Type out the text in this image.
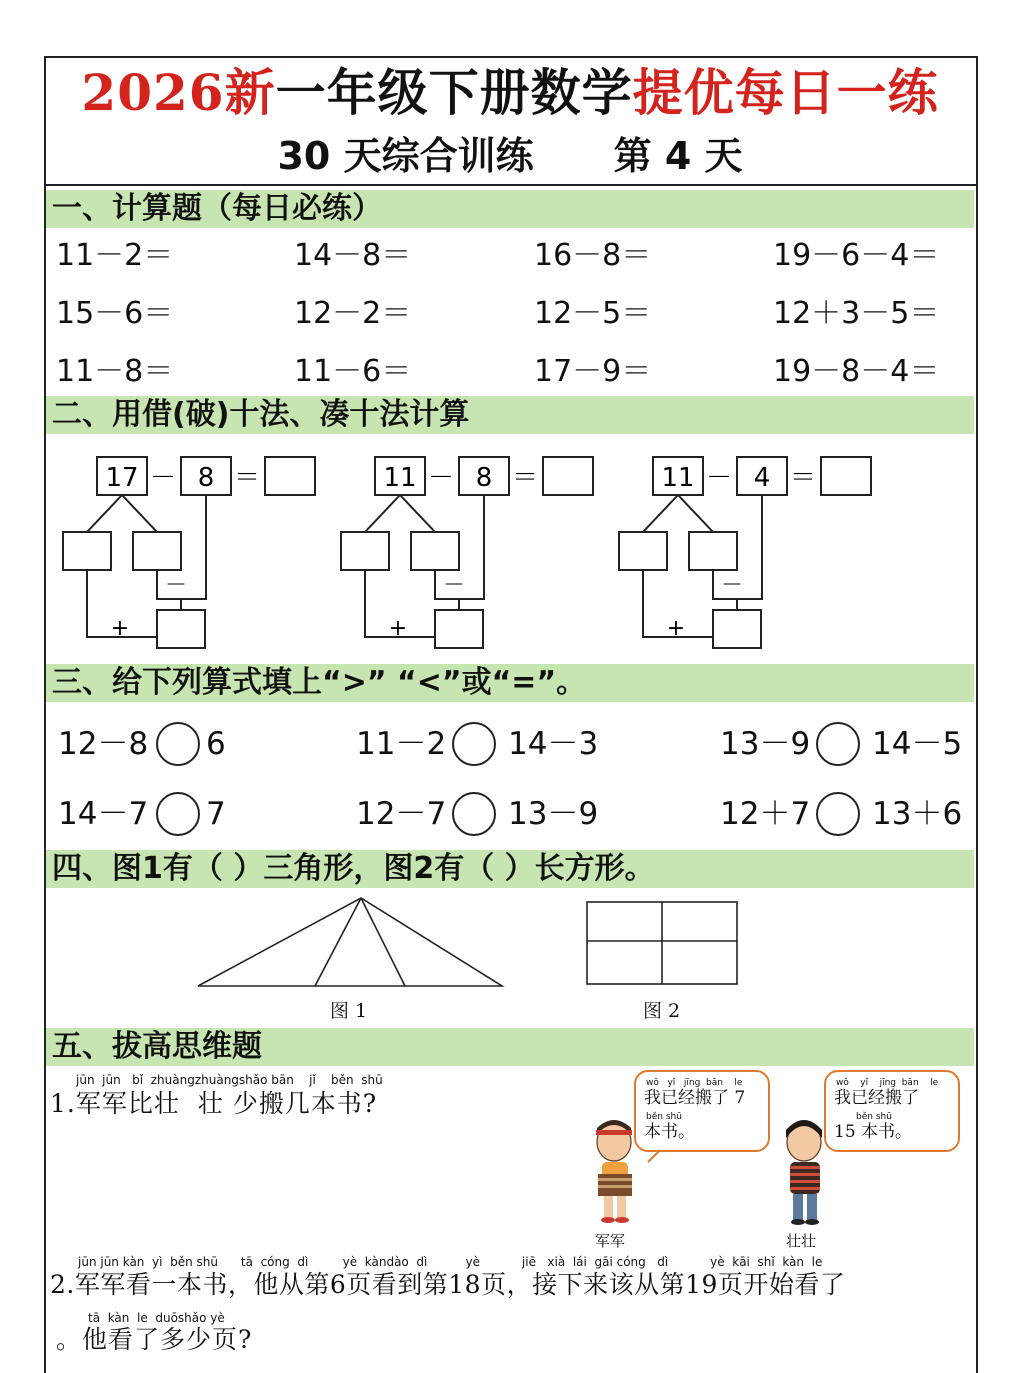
2026新一年级下册数学提优每日一练
30 天综合训练 第 4 天
一、计算题（每日必练）
11－2＝	14－8＝	16－8＝	19－6－4＝
15－6＝	12－2＝	12－5＝	12＋3－5＝
11－8＝	11－6＝	17－9＝	19－8－4＝
二、用借(破)十法、凑十法计算
17 － 8 ＝
－
+
11 － 8 ＝
－
+
11 － 4 ＝
－
+
三、给下列算式填上“>” “<”或“=”。
12－8 6	11－2 14－3	13－9 14－5
14－7 7	12－7 13－9	12＋7 13＋6
四、图1有（ ）三角形，图2有（ ）长方形。
图 1	图 2
五、拔高思维题
jūn  jūn   bǐ  zhuàngzhuàngshǎo bān    jǐ    běn  shū
1.军军比壮  壮 少搬几本书?
wǒ   yǐ   jīng  bān    le
我已经搬了 7
běn shū
本书。
wǒ    yǐ    jīng  bān    le
我已经搬了
běn shū
15 本书。
军军	壮壮
jūn jūn kàn  yì  běn shū      tā  cóng  dì         yè  kàndào  dì          yè           jiē   xià  lái  gāi cóng   dì           yè  kāi  shǐ  kàn  le
2.军军看一本书，他从第6页看到第18页，接下来该从第19页开始看了
tā  kàn  le  duōshǎo yè
。他看了多少页?
